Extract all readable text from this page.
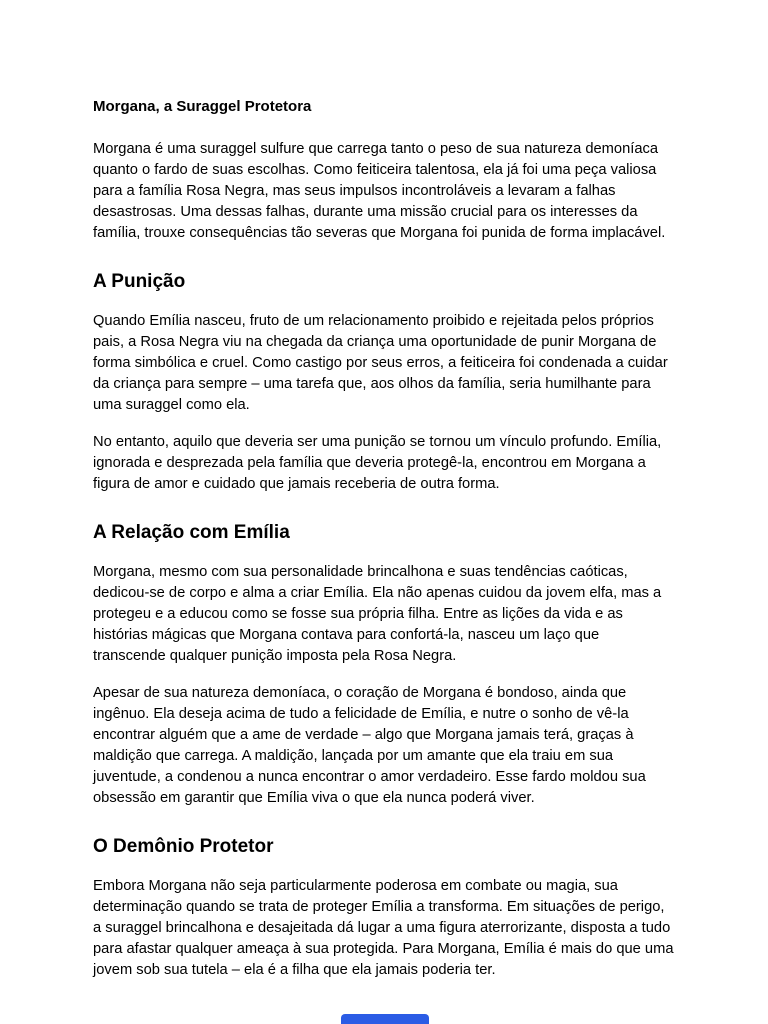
Morgana, a Suraggel Protetora

Morgana é uma suraggel sulfure que carrega tanto o peso de sua natureza demoníaca quanto o fardo de suas escolhas. Como feiticeira talentosa, ela já foi uma peça valiosa para a família Rosa Negra, mas seus impulsos incontroláveis a levaram a falhas desastrosas. Uma dessas falhas, durante uma missão crucial para os interesses da família, trouxe consequências tão severas que Morgana foi punida de forma implacável.

A Punição

Quando Emília nasceu, fruto de um relacionamento proibido e rejeitada pelos próprios pais, a Rosa Negra viu na chegada da criança uma oportunidade de punir Morgana de forma simbólica e cruel. Como castigo por seus erros, a feiticeira foi condenada a cuidar da criança para sempre – uma tarefa que, aos olhos da família, seria humilhante para uma suraggel como ela.

No entanto, aquilo que deveria ser uma punição se tornou um vínculo profundo. Emília, ignorada e desprezada pela família que deveria protegê-la, encontrou em Morgana a figura de amor e cuidado que jamais receberia de outra forma.

A Relação com Emília

Morgana, mesmo com sua personalidade brincalhona e suas tendências caóticas, dedicou-se de corpo e alma a criar Emília. Ela não apenas cuidou da jovem elfa, mas a protegeu e a educou como se fosse sua própria filha. Entre as lições da vida e as histórias mágicas que Morgana contava para confortá-la, nasceu um laço que transcende qualquer punição imposta pela Rosa Negra.

Apesar de sua natureza demoníaca, o coração de Morgana é bondoso, ainda que ingênuo. Ela deseja acima de tudo a felicidade de Emília, e nutre o sonho de vê-la encontrar alguém que a ame de verdade – algo que Morgana jamais terá, graças à maldição que carrega. A maldição, lançada por um amante que ela traiu em sua juventude, a condenou a nunca encontrar o amor verdadeiro. Esse fardo moldou sua obsessão em garantir que Emília viva o que ela nunca poderá viver.

O Demônio Protetor

Embora Morgana não seja particularmente poderosa em combate ou magia, sua determinação quando se trata de proteger Emília a transforma. Em situações de perigo, a suraggel brincalhona e desajeitada dá lugar a uma figura aterrorizante, disposta a tudo para afastar qualquer ameaça à sua protegida. Para Morgana, Emília é mais do que uma jovem sob sua tutela – ela é a filha que ela jamais poderia ter.
